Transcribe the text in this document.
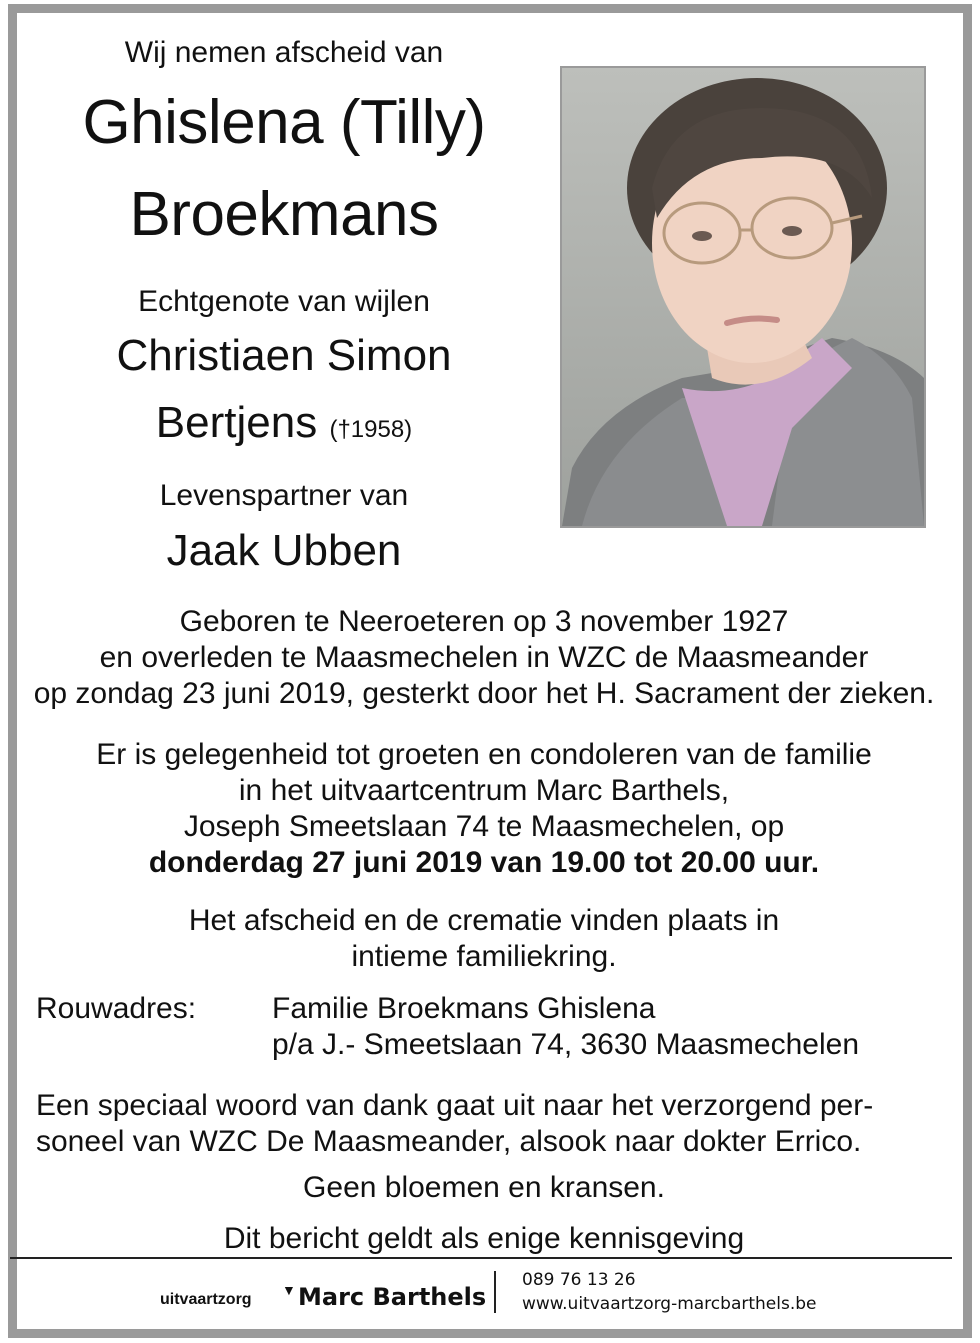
Wij nemen afscheid van
Ghislena (Tilly)
Broekmans
Echtgenote van wijlen
Christiaen Simon
Bertjens (†1958)
Levenspartner van
Jaak Ubben
Geboren te Neeroeteren op 3 november 1927
en overleden te Maasmechelen in WZC de Maasmeander
op zondag 23 juni 2019, gesterkt door het H. Sacrament der zieken.
Er is gelegenheid tot groeten en condoleren van de familie
in het uitvaartcentrum Marc Barthels,
Joseph Smeetslaan 74 te Maasmechelen, op
donderdag 27 juni 2019 van 19.00 tot 20.00 uur.
Het afscheid en de crematie vinden plaats in
intieme familiekring.
Rouwadres:	Familie Broekmans Ghislena
p/a J.- Smeetslaan 74, 3630 Maasmechelen
Een speciaal woord van dank gaat uit naar het verzorgend per-
soneel van WZC De Maasmeander, alsook naar dokter Errico.
Geen bloemen en kransen.
Dit bericht geldt als enige kennisgeving
uitvaartzorg
▼ Marc Barthels
089 76 13 26
www.uitvaartzorg-marcbarthels.be
